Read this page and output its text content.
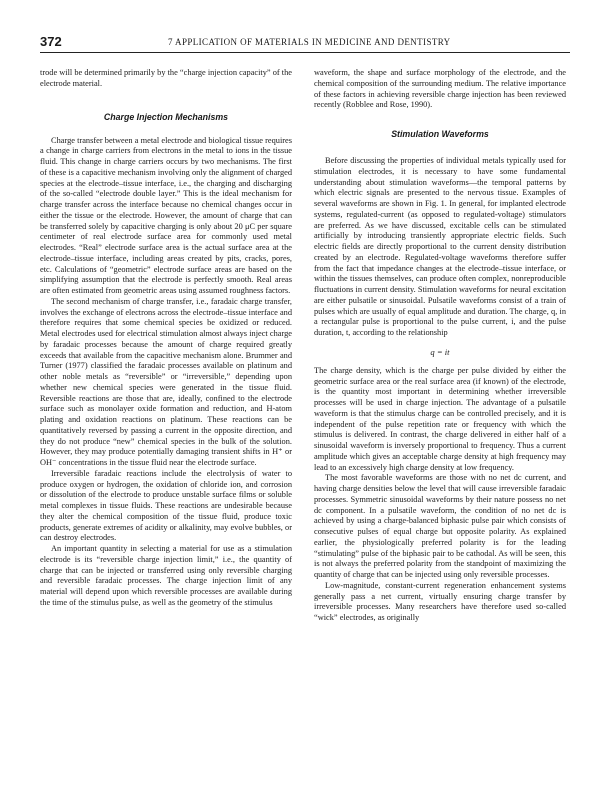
372	7 APPLICATION OF MATERIALS IN MEDICINE AND DENTISTRY

trode will be determined primarily by the “charge injection capacity” of the electrode material.

Charge Injection Mechanisms

Charge transfer between a metal electrode and biological tissue requires a change in charge carriers from electrons in the metal to ions in the tissue fluid. This change in charge carriers occurs by two mechanisms. The first of these is a capacitive mechanism involving only the alignment of charged species at the electrode–tissue interface, i.e., the charging and discharging of the so-called “electrode double layer.” This is the ideal mechanism for charge transfer across the interface because no chemical changes occur in either the tissue or the electrode. However, the amount of charge that can be transferred solely by capacitive charging is only about 20 μC per square centimeter of real electrode surface area for commonly used metal electrodes. “Real” electrode surface area is the actual surface area at the electrode–tissue interface, including areas created by pits, cracks, pores, etc. Calculations of “geometric” electrode surface areas are based on the simplifying assumption that the electrode is perfectly smooth. Real areas are often estimated from geometric areas using assumed roughness factors.

The second mechanism of charge transfer, i.e., faradaic charge transfer, involves the exchange of electrons across the electrode–tissue interface and therefore requires that some chemical species be oxidized or reduced. Metal electrodes used for electrical stimulation almost always inject charge by faradaic processes because the amount of charge required greatly exceeds that available from the capacitive mechanism alone. Brummer and Turner (1977) classified the faradaic processes available on platinum and other noble metals as “reversible” or “irreversible,” depending upon whether new chemical species were generated in the tissue fluid. Reversible reactions are those that are, ideally, confined to the electrode surface such as monolayer oxide formation and reduction, and H-atom plating and oxidation reactions on platinum. These reactions can be quantitatively reversed by passing a current in the opposite direction, and they do not produce “new” chemical species in the bulk of the solution. However, they may produce potentially damaging transient shifts in H⁺ or OH⁻ concentrations in the tissue fluid near the electrode surface.

Irreversible faradaic reactions include the electrolysis of water to produce oxygen or hydrogen, the oxidation of chloride ion, and corrosion or dissolution of the electrode to produce unstable surface films or soluble metal complexes in tissue fluids. These reactions are undesirable because they alter the chemical composition of the tissue fluid, produce toxic products, generate extremes of acidity or alkalinity, may evolve bubbles, or can destroy electrodes.

An important quantity in selecting a material for use as a stimulation electrode is its “reversible charge injection limit,” i.e., the quantity of charge that can be injected or transferred using only reversible charging and reversible faradaic processes. The charge injection limit of any material will depend upon which reversible processes are available during the time of the stimulus pulse, as well as the geometry of the stimulus

waveform, the shape and surface morphology of the electrode, and the chemical composition of the surrounding medium. The relative importance of these factors in achieving reversible charge injection has been reviewed recently (Robblee and Rose, 1990).

Stimulation Waveforms

Before discussing the properties of individual metals typically used for stimulation electrodes, it is necessary to have some fundamental understanding about stimulation waveforms—the temporal patterns by which electric signals are presented to the nervous tissue. Examples of several waveforms are shown in Fig. 1. In general, for implanted electrode systems, regulated-current (as opposed to regulated-voltage) stimulators are preferred. As we have discussed, excitable cells can be stimulated artificially by introducing transiently appropriate electric fields. Such electric fields are directly proportional to the current density distribution created by an electrode. Regulated-voltage waveforms therefore suffer from the fact that impedance changes at the electrode–tissue interface, or within the tissues themselves, can produce often complex, nonreproducible fluctuations in current density. Stimulation waveforms for neural excitation are either pulsatile or sinusoidal. Pulsatile waveforms consist of a train of pulses which are usually of equal amplitude and duration. The charge, q, in a rectangular pulse is proportional to the pulse current, i, and the pulse duration, t, according to the relationship

q = it

The charge density, which is the charge per pulse divided by either the geometric surface area or the real surface area (if known) of the electrode, is the quantity most important in determining whether irreversible processes will be used in charge injection. The advantage of a pulsatile waveform is that the stimulus charge can be controlled precisely, and it is independent of the pulse repetition rate or frequency with which the stimulus is delivered. In contrast, the charge delivered in either half of a sinusoidal waveform is inversely proportional to frequency. Thus a current amplitude which gives an acceptable charge density at high frequency may lead to an excessively high charge density at low frequency.

The most favorable waveforms are those with no net dc current, and having charge densities below the level that will cause irreversible faradaic processes. Symmetric sinusoidal waveforms by their nature possess no net dc component. In a pulsatile waveform, the condition of no net dc is achieved by using a charge-balanced biphasic pulse pair which consists of consecutive pulses of equal charge but opposite polarity. As explained earlier, the physiologically preferred polarity is for the leading “stimulating” pulse of the biphasic pair to be cathodal. As will be seen, this is not always the preferred polarity from the standpoint of maximizing the quantity of charge that can be injected using only reversible processes.

Low-magnitude, constant-current regeneration enhancement systems generally pass a net current, virtually ensuring charge transfer by irreversible processes. Many researchers have therefore used so-called “wick” electrodes, as originally
